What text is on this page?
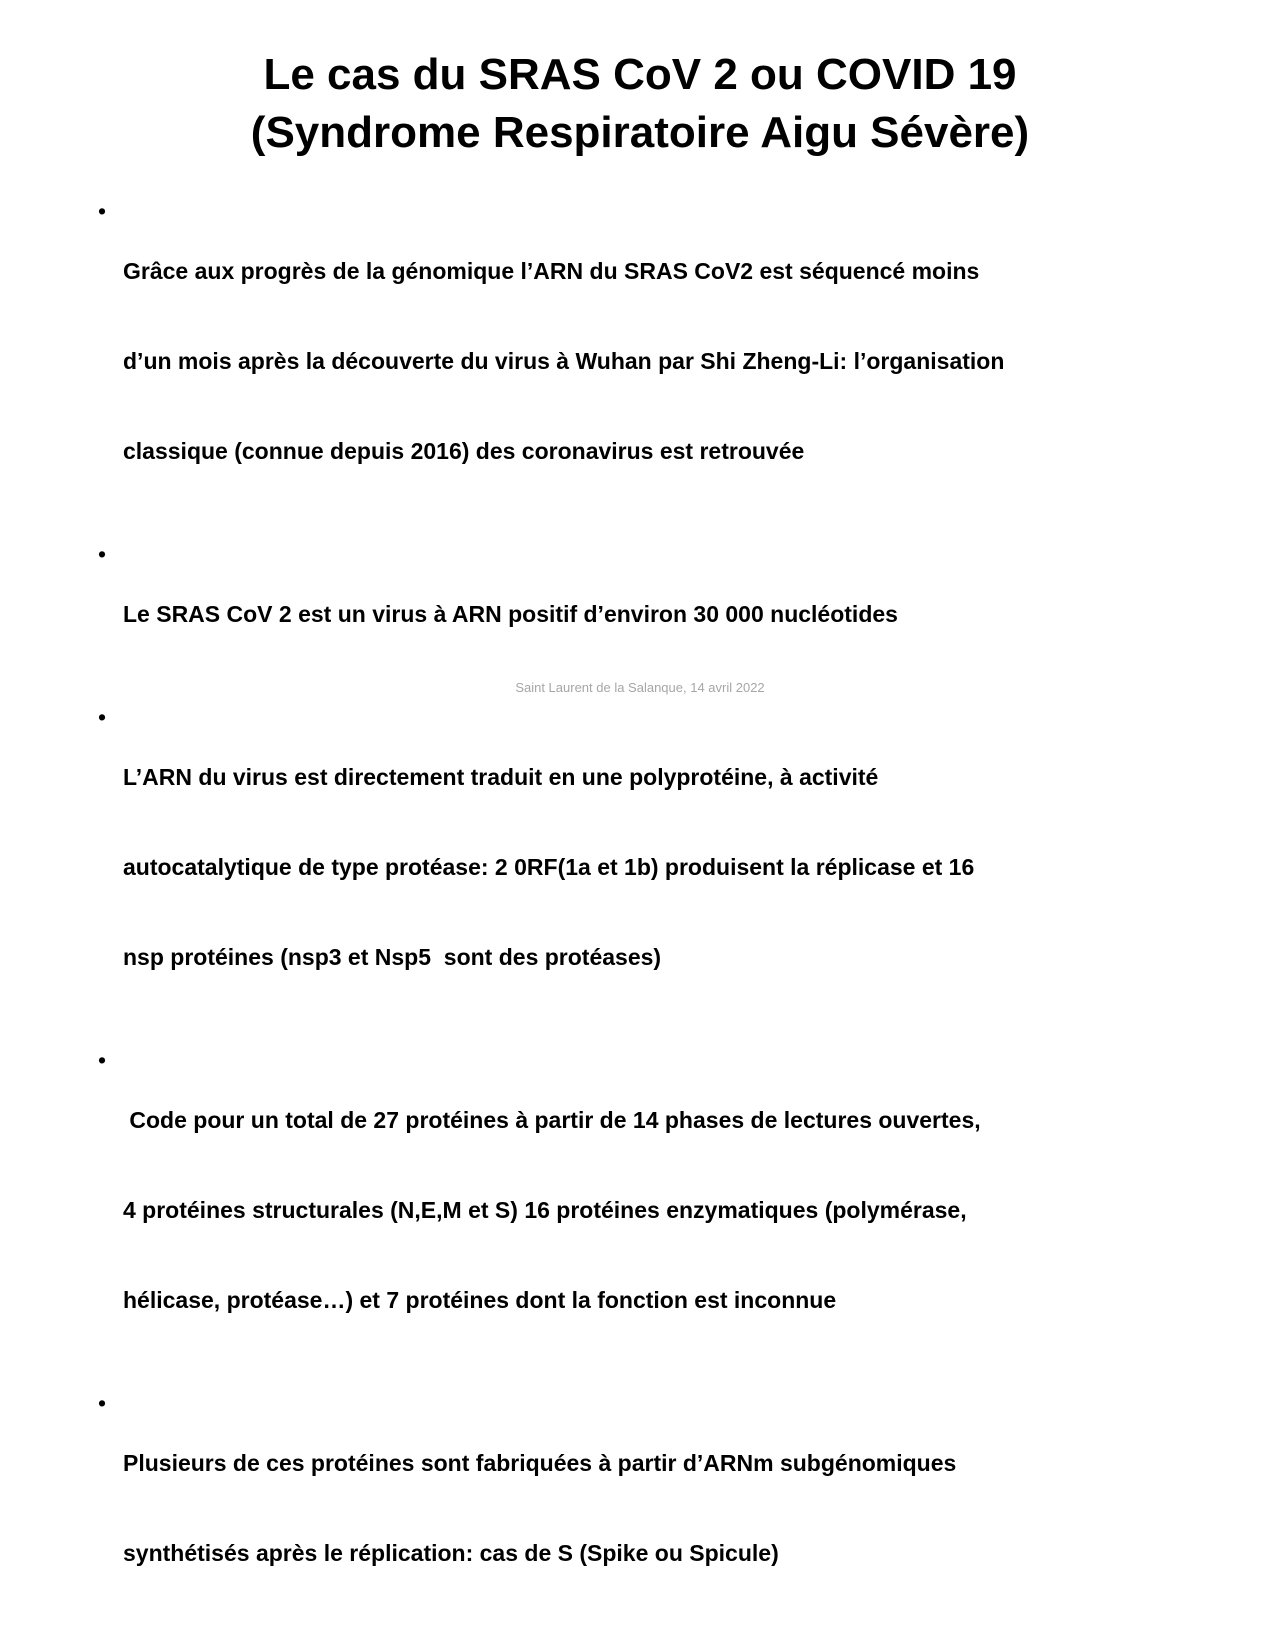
Le cas du SRAS CoV 2 ou COVID 19
(Syndrome Respiratoire Aigu Sévère)
•

Grâce aux progrès de la génomique l’ARN du SRAS CoV2 est séquencé moins

d’un mois après la découverte du virus à Wuhan par Shi Zheng-Li: l’organisation

classique (connue depuis 2016) des coronavirus est retrouvée

•

Le SRAS CoV 2 est un virus à ARN positif d’environ 30 000 nucléotides

•

L’ARN du virus est directement traduit en une polyprotéine, à activité

autocatalytique de type protéase: 2 0RF(1a et 1b) produisent la réplicase et 16

nsp protéines (nsp3 et Nsp5  sont des protéases)

•

Code pour un total de 27 protéines à partir de 14 phases de lectures ouvertes,

4 protéines structurales (N,E,M et S) 16 protéines enzymatiques (polymérase,

hélicase, protéase…) et 7 protéines dont la fonction est inconnue

•

Plusieurs de ces protéines sont fabriquées à partir d’ARNm subgénomiques

synthétisés après le réplication: cas de S (Spike ou Spicule)

Saint Laurent de la Salanque, 14 avril 2022
